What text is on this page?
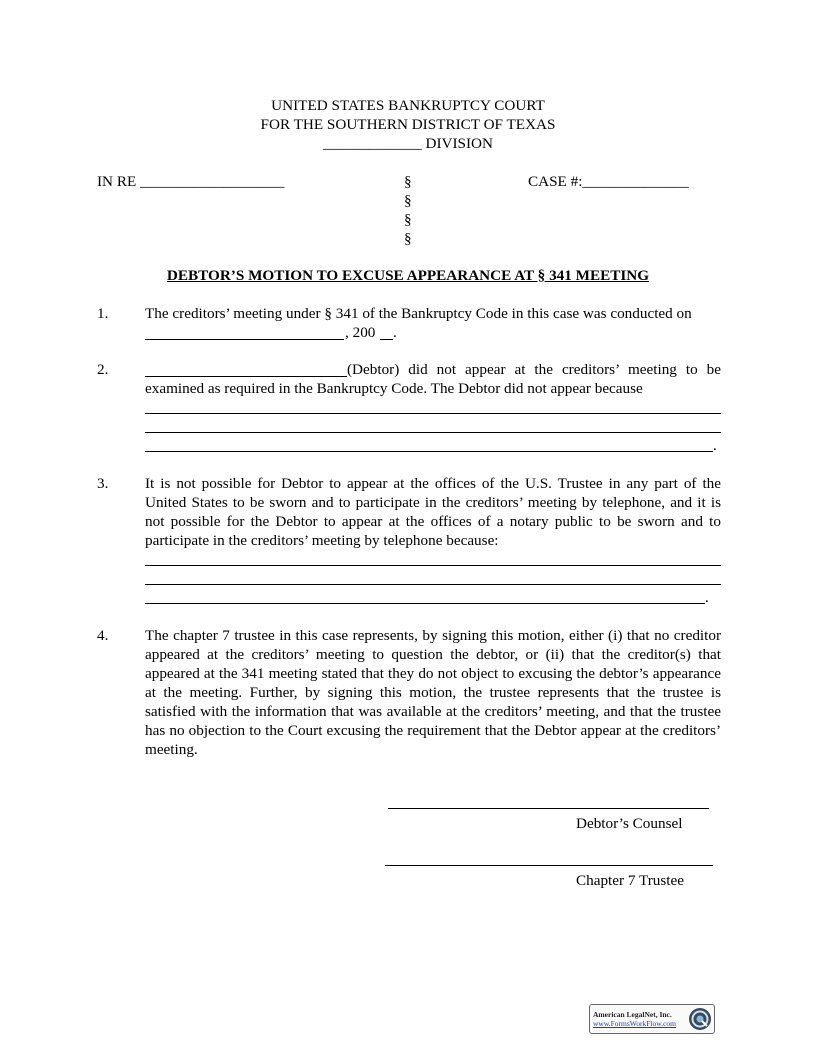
UNITED STATES BANKRUPTCY COURT
FOR THE SOUTHERN DISTRICT OF TEXAS
_____________ DIVISION
IN RE ___________________	§
§
§
§
CASE #:______________
DEBTOR’S MOTION TO EXCUSE APPEARANCE AT § 341 MEETING
1. The creditors’ meeting under § 341 of the Bankruptcy Code in this case was conducted on
, 200 .
2.	(Debtor) did not appear at the creditors’ meeting to be examined as required in the Bankruptcy Code. The Debtor did not appear because
.
3. It is not possible for Debtor to appear at the offices of the U.S. Trustee in any part of the United States to be sworn and to participate in the creditors’ meeting by telephone, and it is not possible for the Debtor to appear at the offices of a notary public to be sworn and to participate in the creditors’ meeting by telephone because:
.
4. The chapter 7 trustee in this case represents, by signing this motion, either (i) that no creditor appeared at the creditors’ meeting to question the debtor, or (ii) that the creditor(s) that appeared at the 341 meeting stated that they do not object to excusing the debtor’s appearance at the meeting. Further, by signing this motion, the trustee represents that the trustee is satisfied with the information that was available at the creditors’ meeting, and that the trustee has no objection to the Court excusing the requirement that the Debtor appear at the creditors’ meeting.
Debtor’s Counsel
Chapter 7 Trustee
American LegalNet, Inc.
www.FormsWorkFlow.com
